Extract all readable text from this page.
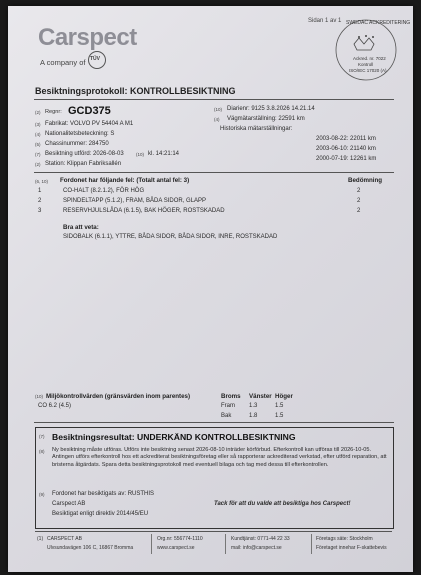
Carspect
A company of TÜV
Sidan 1 av 1 SWEDAC ACKREDITERING
Ackred. nr. 7022
Kontroll
ISO/IEC 17020 (A)
Besiktningsprotokoll: KONTROLLBESIKTNING
(2) Regnr: GCD375
(3) Fabrikat: VOLVO PV 54404 A M1
(4) Nationalitetsbeteckning: S
(5) Chassinummer: 284750
(7) Besiktning utförd: 2026-08-03	(10) kl. 14:21:14
(2) Station: Klippan Fabriksallén
(10) Diarienr: 9125 3.8.2026 14.21.14
(4) Vägmätarställning: 22591 km
Historiska mätarställningar:
2003-08-22: 22011 km
2003-06-10: 21140 km
2000-07-19: 12261 km
(6, 10) Fordonet har följande fel: (Totalt antal fel: 3)	Bedömning
1	CO-HALT (8.2.1.2), FÖR HÖG	2
2	SPINDELTAPP (5.1.2), FRAM, BÅDA SIDOR, GLAPP	2
3	RESERVHJULSLÅDA (6.1.5), BAK HÖGER, ROSTSKADAD	2
Bra att veta:
SIDOBALK (6.1.1), YTTRE, BÅDA SIDOR, BÅDA SIDOR, INRE, ROSTSKADAD
(10) Miljökontrollvärden (gränsvärden inom parentes)
CO 6.2 (4.5)
Broms Vänster Höger
Fram 1.3	1.5
Bak	1.8	1.5
(7) Besiktningsresultat: UNDERKÄND KONTROLLBESIKTNING
(8) Ny besiktning måste utföras. Utförs inte besiktning senast 2026-08-10 inträder körförbud. Efterkontroll kan utföras till 2026-10-05. Antingen utförs efterkontroll hos ett ackrediterat besiktningsföretag eller så rapporterar ackrediterad verkstad, efter utförd reparation, att bristerna åtgärdats. Spara detta besiktningsprotokoll med eventuell bilaga och tag med dessa till efterkontrollen.
(9) Fordonet har besiktigats av: RUSTHIS
Carspect AB
Besiktigat enligt direktiv 2014/45/EU
Tack för att du valde att besiktiga hos Carspect!
(1) CARSPECT AB
Ulvsundavägen 106 C, 16867 Bromma
Org.nr: 556774-1110
www.carspect.se
Kundtjänst: 0771-44 22 33
mail: info@carspect.se
Företags säte: Stockholm
Företaget innehar F-skattebevis
